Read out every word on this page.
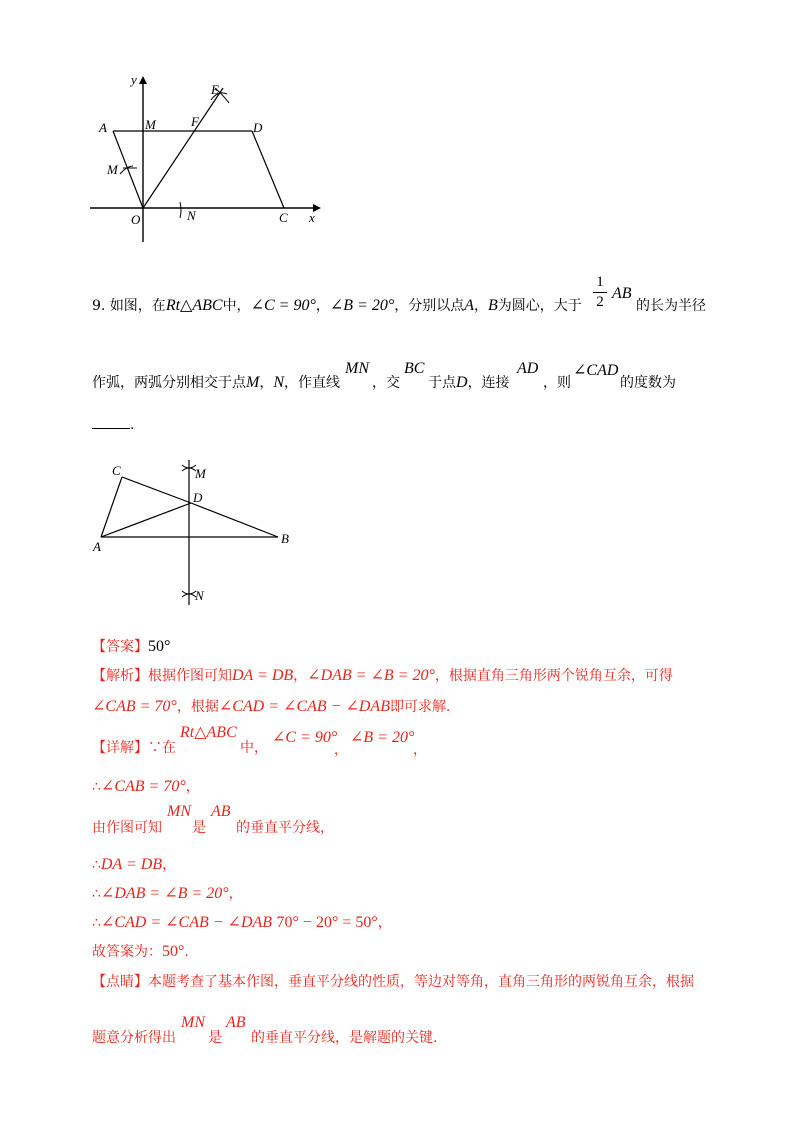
y
x
A	M	F
E
D
M
O	N	C
9. 如图，在Rt△ABC中，∠C = 90°，∠B = 20°，分别以点A，B为圆心，大于
1
2 AB
的长为半径
作弧，两弧分别相交于点M，N，作直线
MN
，交
BC
于点D，连接
AD
，则
∠CAD
的度数为
.
C	M
D
A
B
N
【答案】50°
【解析】根据作图可知DA = DB，∠DAB = ∠B = 20°，根据直角三角形两个锐角互余，可得
∠CAB = 70°，根据∠CAD = ∠CAB − ∠DAB即可求解.
【详解】∵在
Rt△ABC
中，
∠C = 90°
，
∠B = 20°
，
∴∠CAB = 70°，
由作图可知
MN
是
AB
的垂直平分线，
∴DA = DB，
∴∠DAB = ∠B = 20°，
∴∠CAD = ∠CAB − ∠DAB 70° − 20° = 50°，
故答案为：50°.
【点睛】本题考查了基本作图，垂直平分线的性质，等边对等角，直角三角形的两锐角互余，根据
题意分析得出
MN
是
AB
的垂直平分线，是解题的关键.
